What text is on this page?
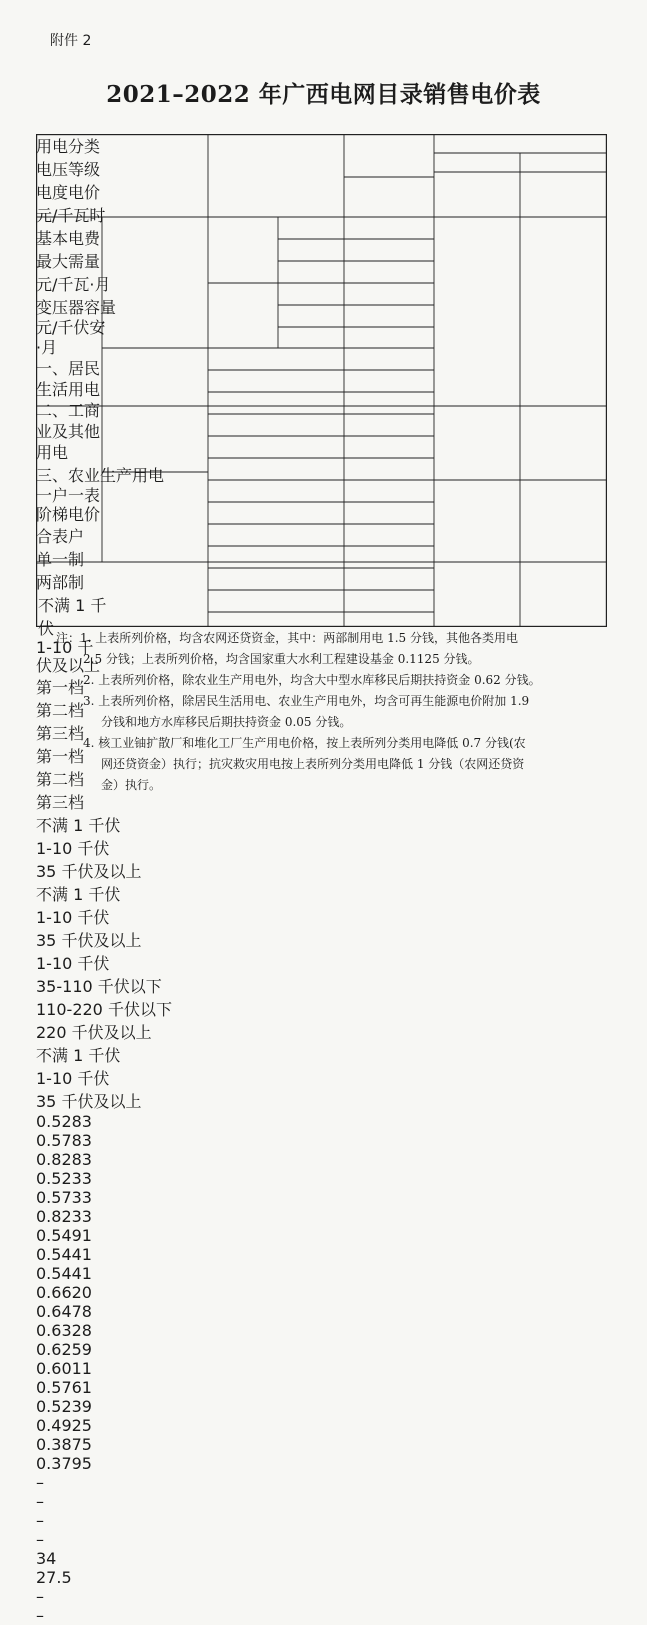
附件 2
2021–2022 年广西电网目录销售电价表
用电分类
电压等级
电度电价
元/千瓦时
基本电费
最大需量
元/千瓦·月
变压器容量
元/千伏安·月
一、居民生活用电
二、工商业及其他用电
三、农业生产用电
一户一表阶梯电价
合表户
单一制
两部制
不满 1 千伏
1-10 千伏及以上
第一档
第二档
第三档
第一档
第二档
第三档
不满 1 千伏
1-10 千伏
35 千伏及以上
不满 1 千伏
1-10 千伏
35 千伏及以上
1-10 千伏
35-110 千伏以下
110-220 千伏以下
220 千伏及以上
不满 1 千伏
1-10 千伏
35 千伏及以上
0.5283
0.5783
0.8283
0.5233
0.5733
0.8233
0.5491
0.5441
0.5441
0.6620
0.6478
0.6328
0.6259
0.6011
0.5761
0.5239
0.4925
0.3875
0.3795
–
–
–
–
34
27.5
–
–

注：1. 上表所列价格，均含农网还贷资金，其中：两部制用电 1.5 分钱，其他各类用电

2.5 分钱；上表所列价格，均含国家重大水利工程建设基金 0.1125 分钱。

2. 上表所列价格，除农业生产用电外，均含大中型水库移民后期扶持资金 0.62 分钱。

3. 上表所列价格，除居民生活用电、农业生产用电外，均含可再生能源电价附加 1.9

分钱和地方水库移民后期扶持资金 0.05 分钱。

4. 核工业铀扩散厂和堆化工厂生产用电价格，按上表所列分类用电降低 0.7 分钱(农

网还贷资金）执行；抗灾救灾用电按上表所列分类用电降低 1 分钱（农网还贷资

金）执行。
